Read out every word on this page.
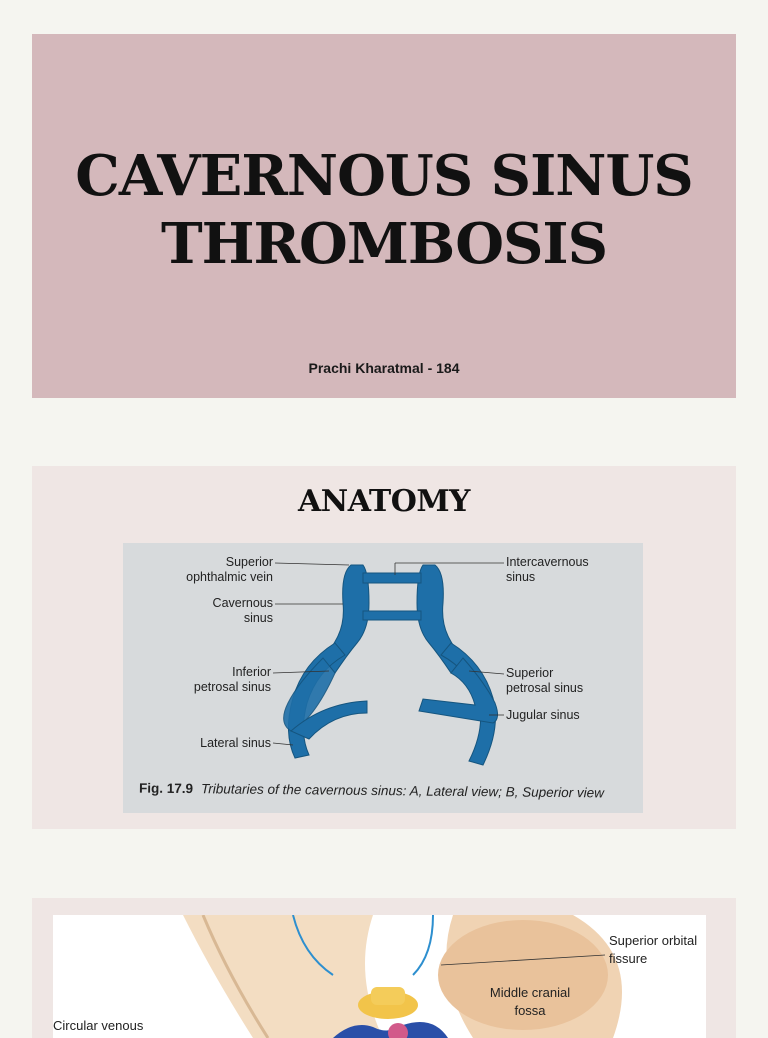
CAVERNOUS SINUS
THROMBOSIS
Prachi Kharatmal - 184
ANATOMY
Superior
ophthalmic vein
Cavernous
sinus
Inferior
petrosal sinus
Lateral sinus
Intercavernous
sinus
Superior
petrosal sinus
Jugular sinus
Fig. 17.9 Tributaries of the cavernous sinus: A, Lateral view; B, Superior view
Superior orbital
fissure
Middle cranial
fossa
Circular venous
